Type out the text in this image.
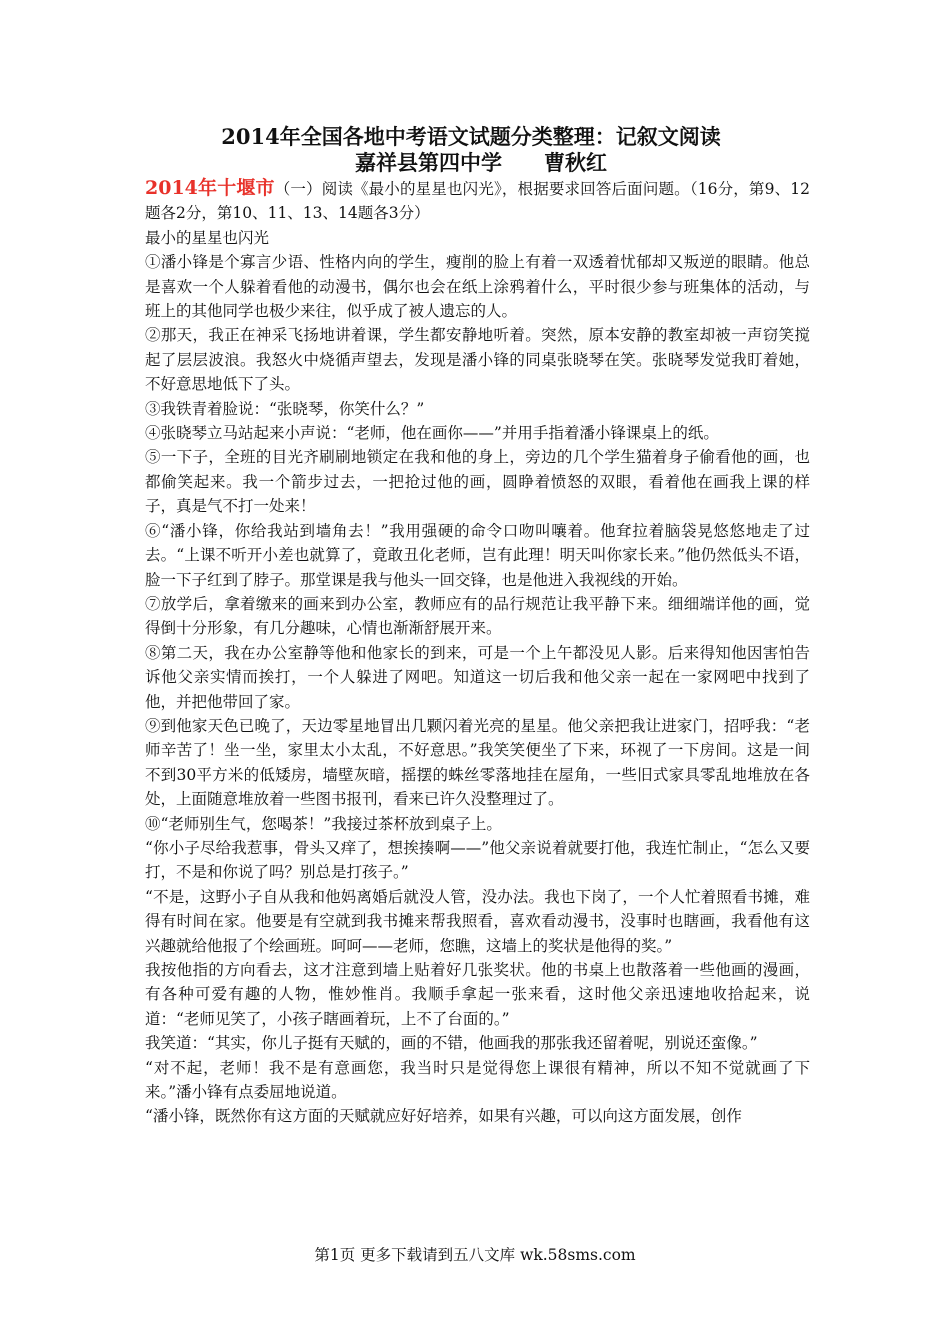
2014年全国各地中考语文试题分类整理：记叙文阅读
嘉祥县第四中学　　曹秋红

2014年十堰市（一）阅读《最小的星星也闪光》，根据要求回答后面问题。（16分，第9、12题各2分，第10、11、13、14题各3分）

最小的星星也闪光

①潘小锋是个寡言少语、性格内向的学生，瘦削的脸上有着一双透着忧郁却又叛逆的眼睛。他总是喜欢一个人躲着看他的动漫书，偶尔也会在纸上涂鸦着什么，平时很少参与班集体的活动，与班上的其他同学也极少来往，似乎成了被人遗忘的人。

②那天，我正在神采飞扬地讲着课，学生都安静地听着。突然，原本安静的教室却被一声窃笑搅起了层层波浪。我怒火中烧循声望去，发现是潘小锋的同桌张晓琴在笑。张晓琴发觉我盯着她，不好意思地低下了头。

③我铁青着脸说：“张晓琴，你笑什么？”

④张晓琴立马站起来小声说：“老师，他在画你——”并用手指着潘小锋课桌上的纸。

⑤一下子，全班的目光齐刷刷地锁定在我和他的身上，旁边的几个学生猫着身子偷看他的画，也都偷笑起来。我一个箭步过去，一把抢过他的画，圆睁着愤怒的双眼，看着他在画我上课的样子，真是气不打一处来！

⑥“潘小锋，你给我站到墙角去！”我用强硬的命令口吻叫嚷着。他耷拉着脑袋晃悠悠地走了过去。“上课不听开小差也就算了，竟敢丑化老师，岂有此理！明天叫你家长来。”他仍然低头不语，脸一下子红到了脖子。那堂课是我与他头一回交锋，也是他进入我视线的开始。

⑦放学后，拿着缴来的画来到办公室，教师应有的品行规范让我平静下来。细细端详他的画，觉得倒十分形象，有几分趣味，心情也渐渐舒展开来。

⑧第二天，我在办公室静等他和他家长的到来，可是一个上午都没见人影。后来得知他因害怕告诉他父亲实情而挨打，一个人躲进了网吧。知道这一切后我和他父亲一起在一家网吧中找到了他，并把他带回了家。

⑨到他家天色已晚了，天边零星地冒出几颗闪着光亮的星星。他父亲把我让进家门，招呼我：“老师辛苦了！坐一坐，家里太小太乱，不好意思。”我笑笑便坐了下来，环视了一下房间。这是一间不到30平方米的低矮房，墙壁灰暗，摇摆的蛛丝零落地挂在屋角，一些旧式家具零乱地堆放在各处，上面随意堆放着一些图书报刊，看来已许久没整理过了。

⑩“老师别生气，您喝茶！”我接过茶杯放到桌子上。

“你小子尽给我惹事，骨头又痒了，想挨揍啊——”他父亲说着就要打他，我连忙制止，“怎么又要打，不是和你说了吗？别总是打孩子。”

“不是，这野小子自从我和他妈离婚后就没人管，没办法。我也下岗了，一个人忙着照看书摊，难得有时间在家。他要是有空就到我书摊来帮我照看，喜欢看动漫书，没事时也瞎画，我看他有这兴趣就给他报了个绘画班。呵呵——老师，您瞧，这墙上的奖状是他得的奖。”

我按他指的方向看去，这才注意到墙上贴着好几张奖状。他的书桌上也散落着一些他画的漫画，有各种可爱有趣的人物，惟妙惟肖。我顺手拿起一张来看，这时他父亲迅速地收拾起来，说道：“老师见笑了，小孩子瞎画着玩，上不了台面的。”

我笑道：“其实，你儿子挺有天赋的，画的不错，他画我的那张我还留着呢，别说还蛮像。”

“对不起，老师！我不是有意画您，我当时只是觉得您上课很有精神，所以不知不觉就画了下来。”潘小锋有点委屈地说道。

“潘小锋，既然你有这方面的天赋就应好好培养，如果有兴趣，可以向这方面发展，创作

第1页 更多下载请到五八文库 wk.58sms.com
